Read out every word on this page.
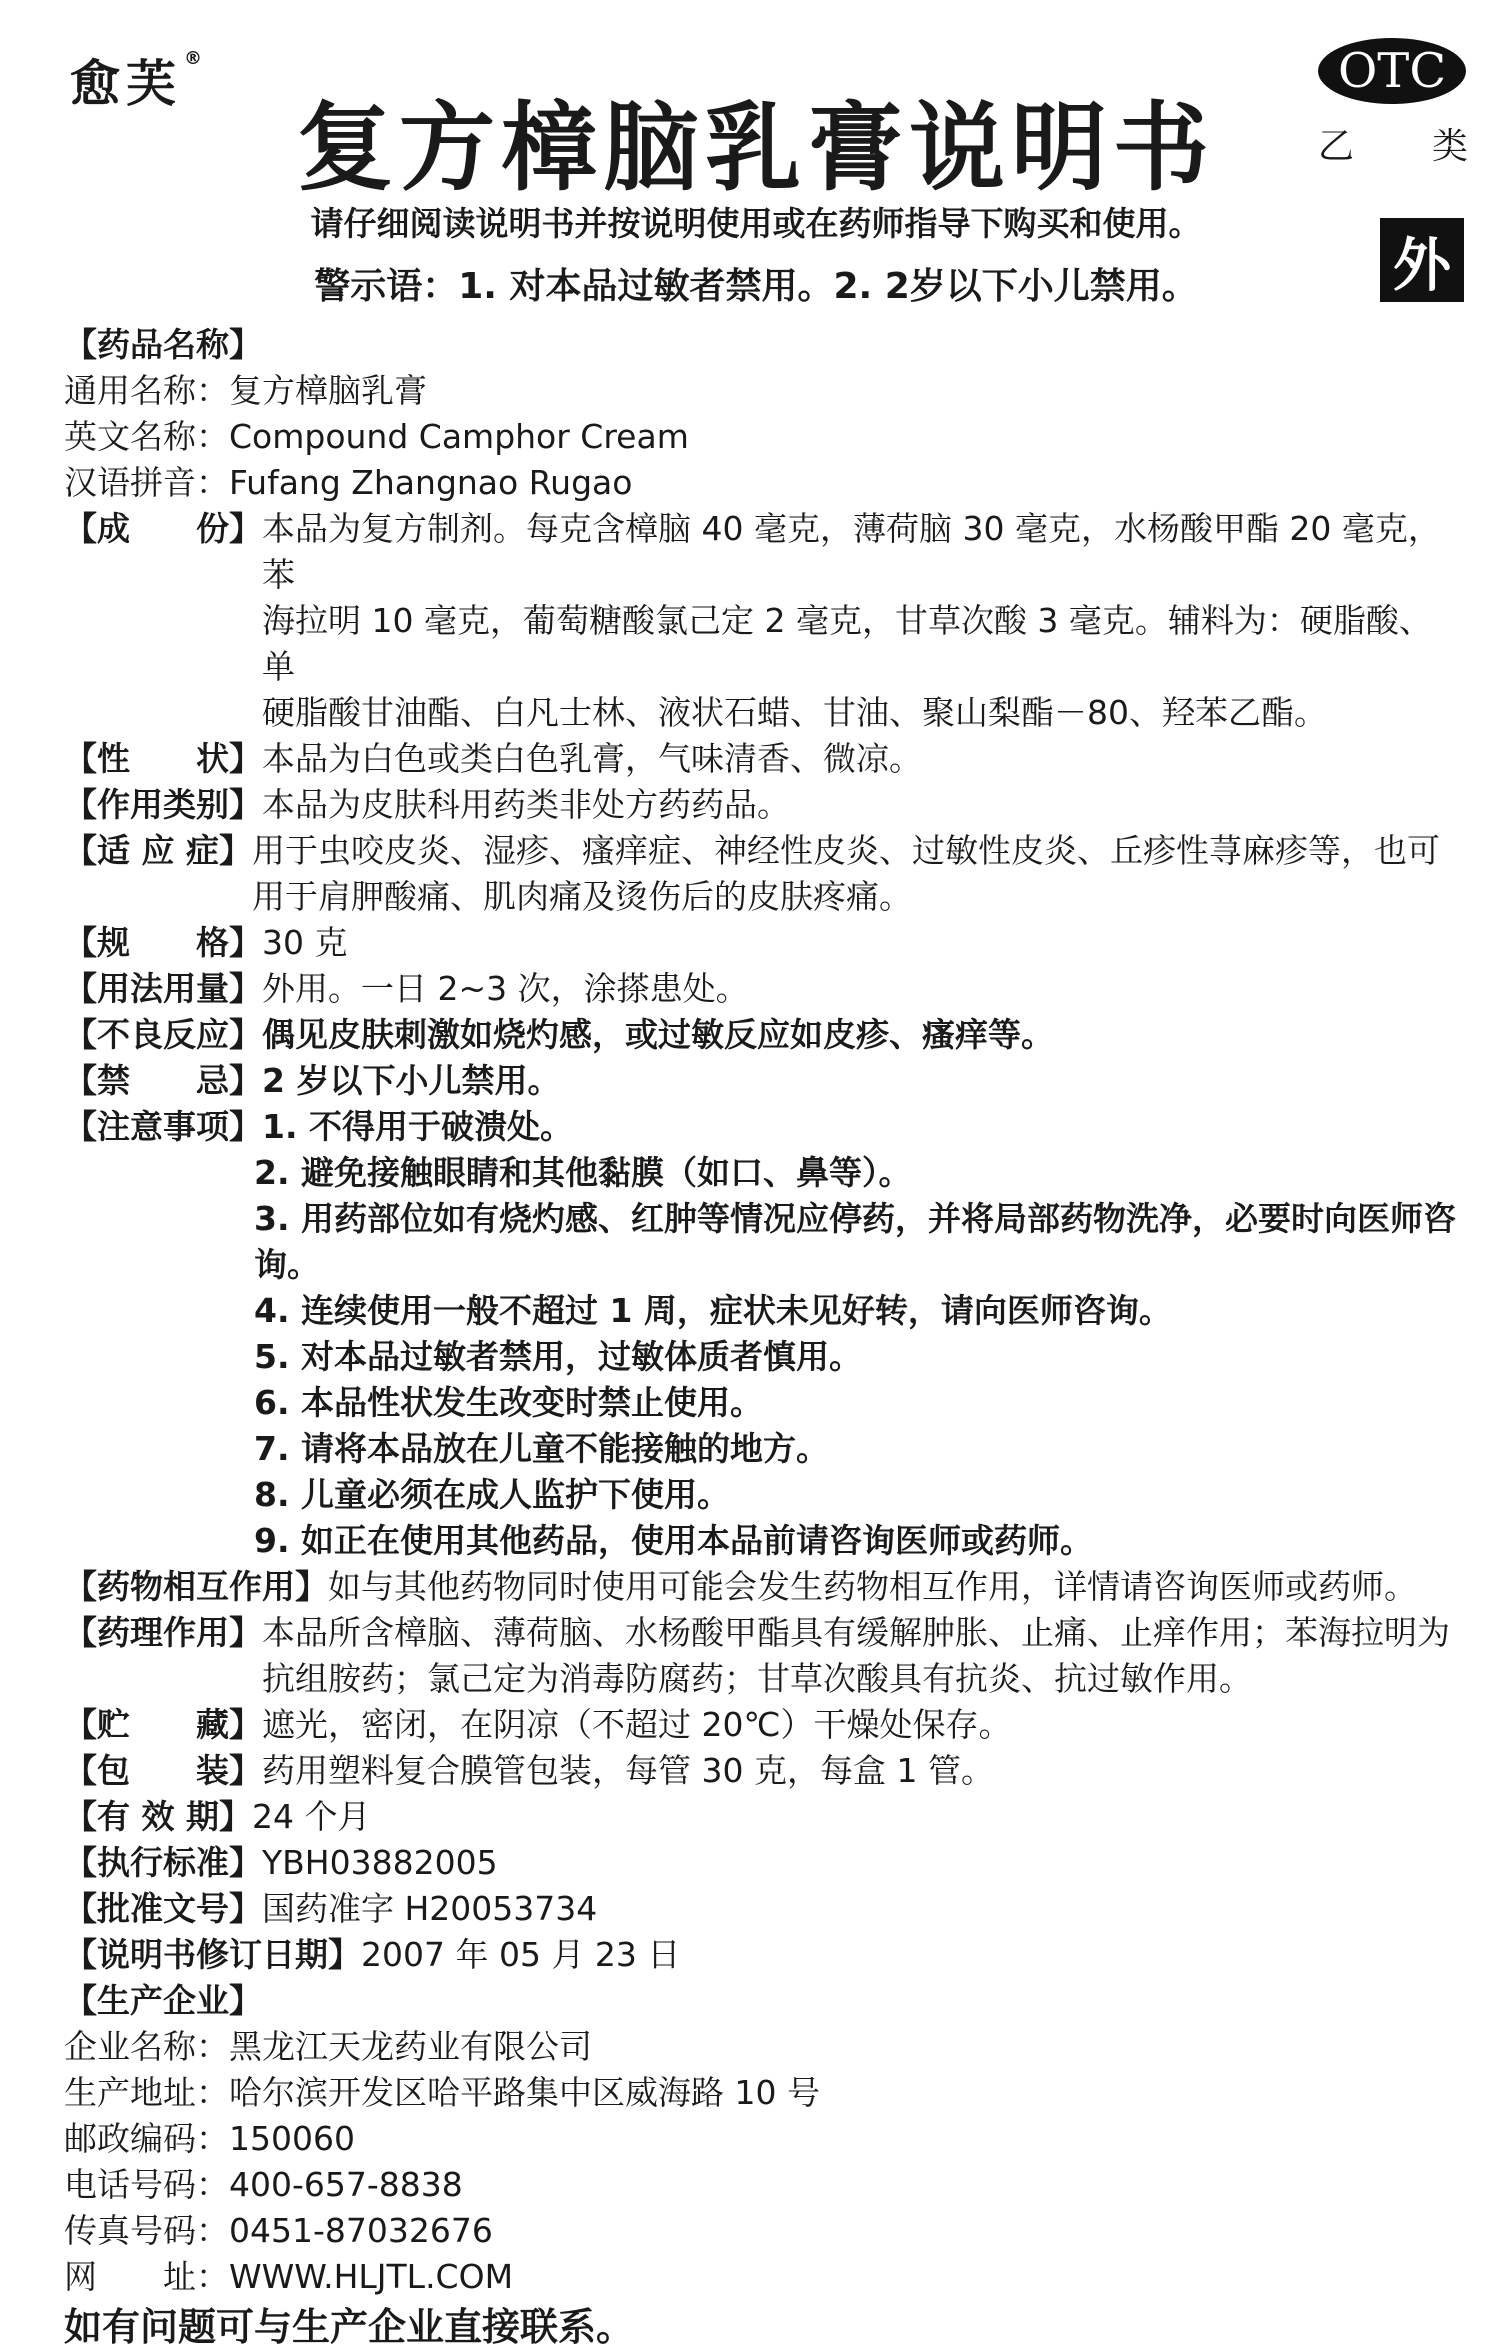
愈芙 ®
复方樟脑乳膏说明书
OTC
乙 类
外
请仔细阅读说明书并按说明使用或在药师指导下购买和使用。
警示语：1. 对本品过敏者禁用。2. 2岁以下小儿禁用。
【药品名称】
通用名称： 复方樟脑乳膏
英文名称： Compound Camphor Cream
汉语拼音： Fufang Zhangnao Rugao
【成　　份】 本品为复方制剂。每克含樟脑 40 毫克，薄荷脑 30 毫克，水杨酸甲酯 20 毫克，苯
海拉明 10 毫克，葡萄糖酸氯己定 2 毫克，甘草次酸 3 毫克。辅料为：硬脂酸、单
硬脂酸甘油酯、白凡士林、液状石蜡、甘油、聚山梨酯－80、羟苯乙酯。
【性　　状】 本品为白色或类白色乳膏，气味清香、微凉。
【作用类别】 本品为皮肤科用药类非处方药药品。
【适 应 症】 用于虫咬皮炎、湿疹、瘙痒症、神经性皮炎、过敏性皮炎、丘疹性荨麻疹等，也可
用于肩胛酸痛、肌肉痛及烫伤后的皮肤疼痛。
【规　　格】 30 克
【用法用量】 外用。一日 2~3 次，涂搽患处。
【不良反应】 偶见皮肤刺激如烧灼感，或过敏反应如皮疹、瘙痒等。
【禁　　忌】 2 岁以下小儿禁用。
【注意事项】 1. 不得用于破溃处。
2. 避免接触眼睛和其他黏膜（如口、鼻等）。
3. 用药部位如有烧灼感、红肿等情况应停药，并将局部药物洗净，必要时向医师咨
询。
4. 连续使用一般不超过 1 周，症状未见好转，请向医师咨询。
5. 对本品过敏者禁用，过敏体质者慎用。
6. 本品性状发生改变时禁止使用。
7. 请将本品放在儿童不能接触的地方。
8. 儿童必须在成人监护下使用。
9. 如正在使用其他药品，使用本品前请咨询医师或药师。
【药物相互作用】 如与其他药物同时使用可能会发生药物相互作用，详情请咨询医师或药师。
【药理作用】 本品所含樟脑、薄荷脑、水杨酸甲酯具有缓解肿胀、止痛、止痒作用；苯海拉明为
抗组胺药；氯己定为消毒防腐药；甘草次酸具有抗炎、抗过敏作用。
【贮　　藏】 遮光，密闭，在阴凉（不超过 20℃）干燥处保存。
【包　　装】 药用塑料复合膜管包装，每管 30 克，每盒 1 管。
【有 效 期】 24 个月
【执行标准】 YBH03882005
【批准文号】 国药准字 H20053734
【说明书修订日期】 2007 年 05 月 23 日
【生产企业】
企业名称： 黑龙江天龙药业有限公司
生产地址： 哈尔滨开发区哈平路集中区威海路 10 号
邮政编码： 150060
电话号码： 400-657-8838
传真号码： 0451-87032676
网　　址： WWW.HLJTL.COM
如有问题可与生产企业直接联系。
